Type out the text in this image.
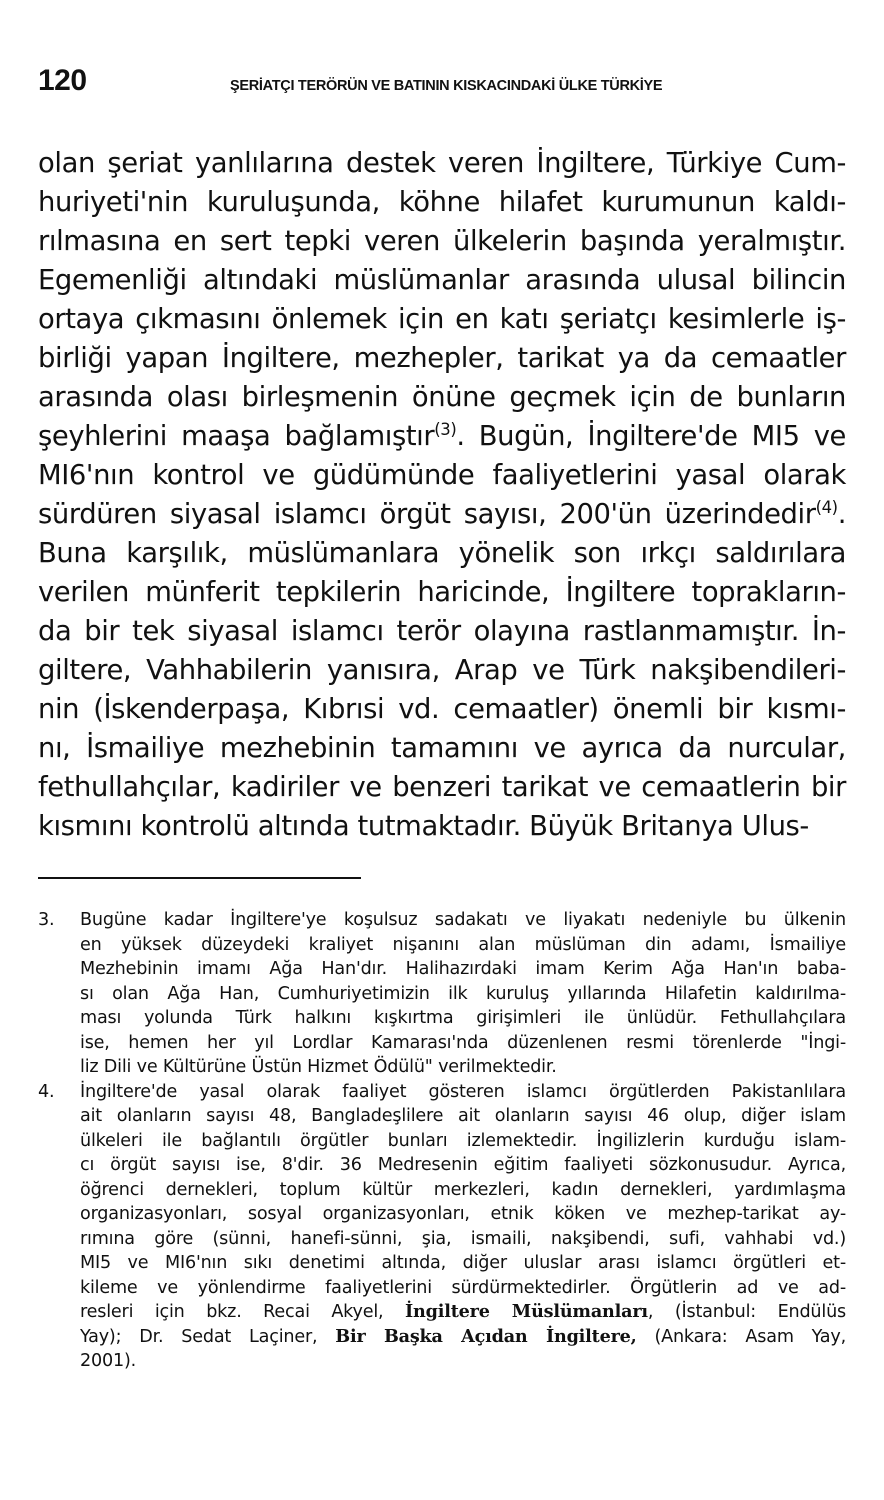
120	ŞERİATÇI TERÖRÜN VE BATININ KISKACINDAKİ ÜLKE TÜRKİYE
olan şeriat yanlılarına destek veren İngiltere, Türkiye Cum-
huriyeti'nin kuruluşunda, köhne hilafet kurumunun kaldı-
rılmasına en sert tepki veren ülkelerin başında yeralmıştır.
Egemenliği altındaki müslümanlar arasında ulusal bilincin
ortaya çıkmasını önlemek için en katı şeriatçı kesimlerle iş-
birliği yapan İngiltere, mezhepler, tarikat ya da cemaatler
arasında olası birleşmenin önüne geçmek için de bunların
şeyhlerini maaşa bağlamıştır$^{(3)}$. Bugün, İngiltere'de MI5 ve
MI6'nın kontrol ve güdümünde faaliyetlerini yasal olarak
sürdüren siyasal islamcı örgüt sayısı, 200'ün üzerindedir$^{(4)}$.
Buna karşılık, müslümanlara yönelik son ırkçı saldırılara
verilen münferit tepkilerin haricinde, İngiltere toprakların-
da bir tek siyasal islamcı terör olayına rastlanmamıştır. İn-
giltere, Vahhabilerin yanısıra, Arap ve Türk nakşibendileri-
nin (İskenderpaşa, Kıbrısi vd. cemaatler) önemli bir kısmı-
nı, İsmailiye mezhebinin tamamını ve ayrıca da nurcular,
fethullahçılar, kadiriler ve benzeri tarikat ve cemaatlerin bir
kısmını kontrolü altında tutmaktadır. Büyük Britanya Ulus-
3. Bugüne kadar İngiltere'ye koşulsuz sadakatı ve liyakatı nedeniyle bu ülkenin
en yüksek düzeydeki kraliyet nişanını alan müslüman din adamı, İsmailiye
Mezhebinin imamı Ağa Han'dır. Halihazırdaki imam Kerim Ağa Han'ın baba-
sı olan Ağa Han, Cumhuriyetimizin ilk kuruluş yıllarında Hilafetin kaldırılma-
ması yolunda Türk halkını kışkırtma girişimleri ile ünlüdür. Fethullahçılara
ise, hemen her yıl Lordlar Kamarası'nda düzenlenen resmi törenlerde "İngi-
liz Dili ve Kültürüne Üstün Hizmet Ödülü" verilmektedir.
4. İngiltere'de yasal olarak faaliyet gösteren islamcı örgütlerden Pakistanlılara
ait olanların sayısı 48, Bangladeşlilere ait olanların sayısı 46 olup, diğer islam
ülkeleri ile bağlantılı örgütler bunları izlemektedir. İngilizlerin kurduğu islam-
cı örgüt sayısı ise, 8'dir. 36 Medresenin eğitim faaliyeti sözkonusudur. Ayrıca,
öğrenci dernekleri, toplum kültür merkezleri, kadın dernekleri, yardımlaşma
organizasyonları, sosyal organizasyonları, etnik köken ve mezhep-tarikat ay-
rımına göre (sünni, hanefi-sünni, şia, ismaili, nakşibendi, sufi, vahhabi vd.)
MI5 ve MI6'nın sıkı denetimi altında, diğer uluslar arası islamcı örgütleri et-
kileme ve yönlendirme faaliyetlerini sürdürmektedirler. Örgütlerin ad ve ad-
resleri için bkz. Recai Akyel, İngiltere Müslümanları, (İstanbul: Endülüs
Yay); Dr. Sedat Laçiner, Bir Başka Açıdan İngiltere, (Ankara: Asam Yay,
2001).
